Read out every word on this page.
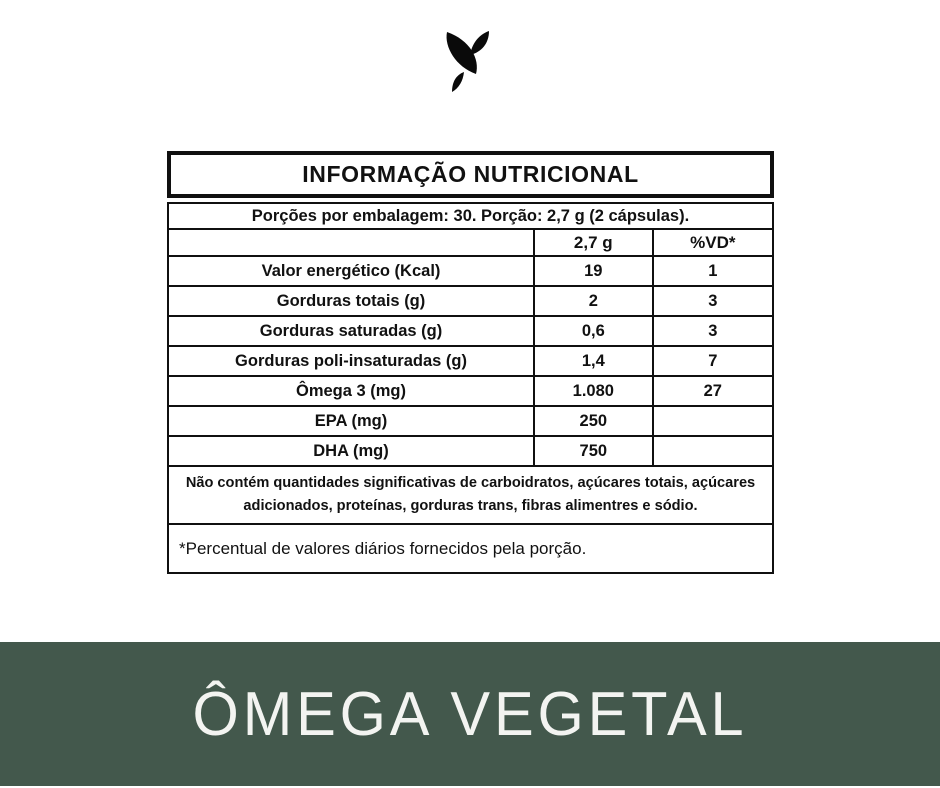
INFORMAÇÃO NUTRICIONAL
Porções por embalagem: 30. Porção: 2,7 g (2 cápsulas).		
	2,7 g	%VD*
Valor energético (Kcal)	19	1
Gorduras totais (g)	2	3
Gorduras saturadas (g)	0,6	3
Gorduras poli-insaturadas (g)	1,4	7
Ômega 3 (mg)	1.080	27
EPA (mg)	250	
DHA (mg)	750	
Não contém quantidades significativas de carboidratos, açúcares totais, açúcares adicionados, proteínas, gorduras trans, fibras alimentres e sódio.		
*Percentual de valores diários fornecidos pela porção.		
ÔMEGA VEGETAL
